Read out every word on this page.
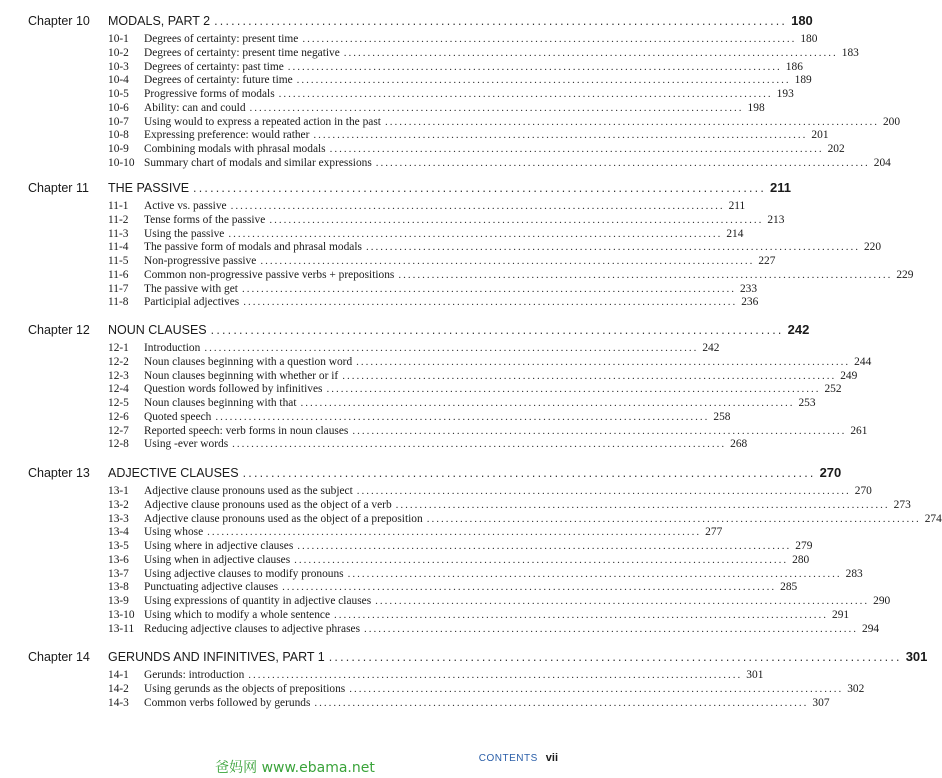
Chapter 10 MODALS, PART 2 ..................................................................................................... 180
10-1 Degrees of certainty: present time ........................................................................................................ 180
10-2 Degrees of certainty: present time negative ........................................................................................................ 183
10-3 Degrees of certainty: past time ........................................................................................................ 186
10-4 Degrees of certainty: future time ........................................................................................................ 189
10-5 Progressive forms of modals ........................................................................................................ 193
10-6 Ability: can and could ........................................................................................................ 198
10-7 Using would to express a repeated action in the past ........................................................................................................ 200
10-8 Expressing preference: would rather ........................................................................................................ 201
10-9 Combining modals with phrasal modals ........................................................................................................ 202
10-10 Summary chart of modals and similar expressions ........................................................................................................ 204
Chapter 11 THE PASSIVE ..................................................................................................... 211
11-1 Active vs. passive ........................................................................................................ 211
11-2 Tense forms of the passive ........................................................................................................ 213
11-3 Using the passive ........................................................................................................ 214
11-4 The passive form of modals and phrasal modals ........................................................................................................ 220
11-5 Non-progressive passive ........................................................................................................ 227
11-6 Common non-progressive passive verbs + prepositions ........................................................................................................ 229
11-7 The passive with get ........................................................................................................ 233
11-8 Participial adjectives ........................................................................................................ 236
Chapter 12 NOUN CLAUSES ..................................................................................................... 242
12-1 Introduction ........................................................................................................ 242
12-2 Noun clauses beginning with a question word ........................................................................................................ 244
12-3 Noun clauses beginning with whether or if ........................................................................................................ 249
12-4 Question words followed by infinitives ........................................................................................................ 252
12-5 Noun clauses beginning with that ........................................................................................................ 253
12-6 Quoted speech ........................................................................................................ 258
12-7 Reported speech: verb forms in noun clauses ........................................................................................................ 261
12-8 Using -ever words ........................................................................................................ 268
Chapter 13 ADJECTIVE CLAUSES ..................................................................................................... 270
13-1 Adjective clause pronouns used as the subject ........................................................................................................ 270
13-2 Adjective clause pronouns used as the object of a verb ........................................................................................................ 273
13-3 Adjective clause pronouns used as the object of a preposition ........................................................................................................ 274
13-4 Using whose ........................................................................................................ 277
13-5 Using where in adjective clauses ........................................................................................................ 279
13-6 Using when in adjective clauses ........................................................................................................ 280
13-7 Using adjective clauses to modify pronouns ........................................................................................................ 283
13-8 Punctuating adjective clauses ........................................................................................................ 285
13-9 Using expressions of quantity in adjective clauses ........................................................................................................ 290
13-10 Using which to modify a whole sentence ........................................................................................................ 291
13-11 Reducing adjective clauses to adjective phrases ........................................................................................................ 294
Chapter 14 GERUNDS AND INFINITIVES, PART 1 ..................................................................................................... 301
14-1 Gerunds: introduction ........................................................................................................ 301
14-2 Using gerunds as the objects of prepositions ........................................................................................................ 302
14-3 Common verbs followed by gerunds ........................................................................................................ 307
CONTENTS vii
爸妈网 www.ebama.net
